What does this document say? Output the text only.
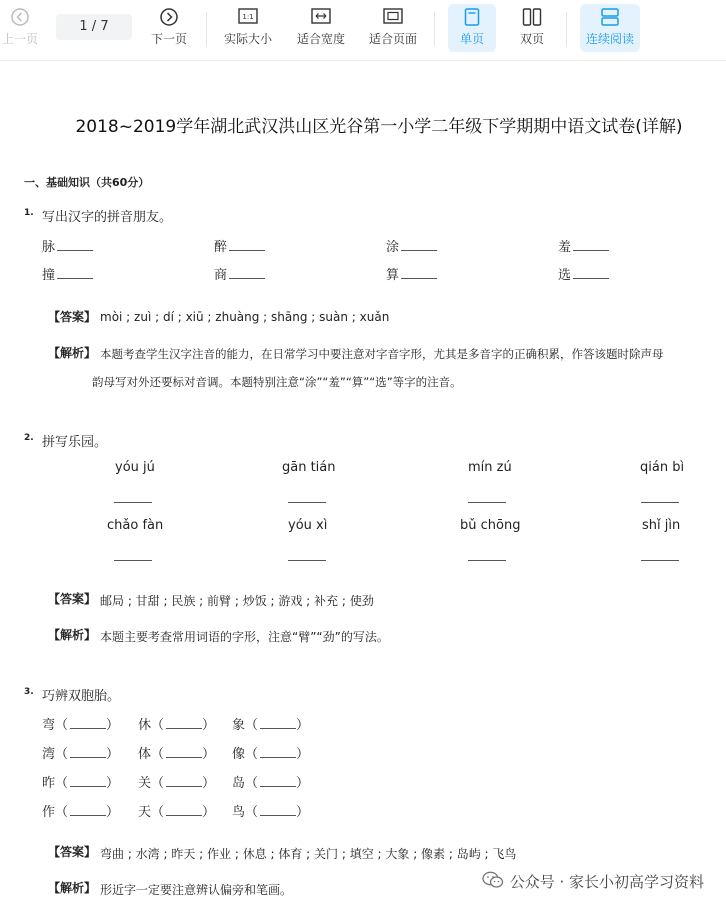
上一页
1 / 7
下一页
1:1
实际大小	适合宽度	适合页面	单页	双页	连续阅读
2018~2019学年湖北武汉洪山区光谷第一小学二年级下学期期中语文试卷(详解)
一、基础知识（共60分）
1. 写出汉字的拼音朋友。
脉	醉	涂	羞
撞	商	算	选
【答案】 mòi ; zuì ; dí ; xiū ; zhuàng ; shāng ; suàn ; xuǎn
【解析】 本题考查学生汉字注音的能力，在日常学习中要注意对字音字形，尤其是多音字的正确积累，作答该题时除声母
韵母写对外还要标对音调。本题特别注意“涂”“羞”“算”“选”等字的注音。
2. 拼写乐园。
yóu jú	gān tián	mín zú	qián bì
chǎo fàn	yóu xì	bǔ chōng	shǐ jìn
【答案】 邮局 ; 甘甜 ; 民族 ; 前臂 ; 炒饭 ; 游戏 ; 补充 ; 使劲
【解析】 本题主要考查常用词语的字形，注意“臂”“劲”的写法。
3. 巧辨双胞胎。
弯（	） 休（	） 象（	）
湾（	） 体（	） 像（	）
昨（	） 关（	） 岛（	）
作（	） 天（	） 鸟（	）
【答案】 弯曲 ; 水湾 ; 昨天 ; 作业 ; 休息 ; 体育 ; 关门 ; 填空 ; 大象 ; 像素 ; 岛屿 ; 飞鸟
【解析】 形近字一定要注意辨认偏旁和笔画。	公众号 · 家长小初高学习资料
